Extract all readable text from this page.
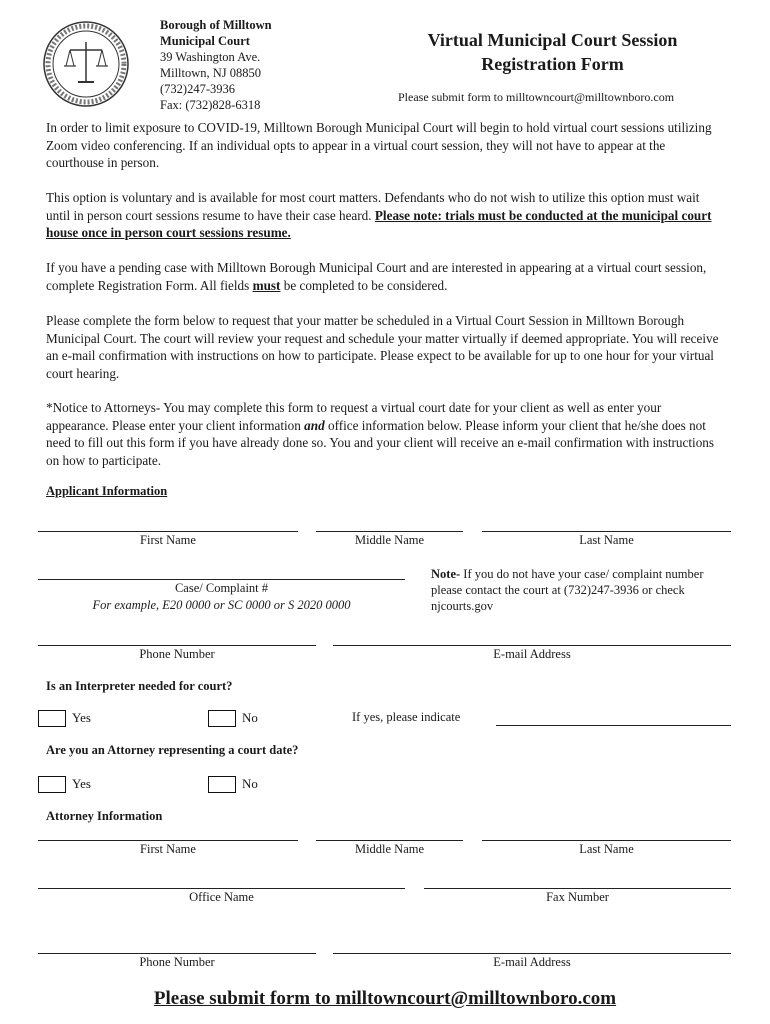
Borough of Milltown
Municipal Court
39 Washington Ave.
Milltown, NJ 08850
(732)247-3936
Fax: (732)828-6318
Virtual Municipal Court Session
Registration Form
Please submit form to milltowncourt@milltownboro.com
In order to limit exposure to COVID-19, Milltown Borough Municipal Court will begin to hold virtual court sessions utilizing Zoom video conferencing. If an individual opts to appear in a virtual court session, they will not have to appear at the courthouse in person.
This option is voluntary and is available for most court matters. Defendants who do not wish to utilize this option must wait until in person court sessions resume to have their case heard. Please note: trials must be conducted at the municipal court house once in person court sessions resume.
If you have a pending case with Milltown Borough Municipal Court and are interested in appearing at a virtual court session, complete Registration Form. All fields must be completed to be considered.
Please complete the form below to request that your matter be scheduled in a Virtual Court Session in Milltown Borough Municipal Court. The court will review your request and schedule your matter virtually if deemed appropriate. You will receive an e-mail confirmation with instructions on how to participate. Please expect to be available for up to one hour for your virtual court hearing.
*Notice to Attorneys- You may complete this form to request a virtual court date for your client as well as enter your appearance. Please enter your client information and office information below. Please inform your client that he/she does not need to fill out this form if you have already done so. You and your client will receive an e-mail confirmation with instructions on how to participate.
Applicant Information
First Name	Middle Name	Last Name
Case/ Complaint #
For example, E20 0000 or SC 0000 or S 2020 0000
Note- If you do not have your case/ complaint number please contact the court at (732)247-3936 or check njcourts.gov
Phone Number	E-mail Address
Is an Interpreter needed for court?
Yes	No	If yes, please indicate
Are you an Attorney representing a court date?
Yes	No
Attorney Information
First Name	Middle Name	Last Name
Office Name	Fax Number
Phone Number	E-mail Address
Please submit form to milltowncourt@milltownboro.com
